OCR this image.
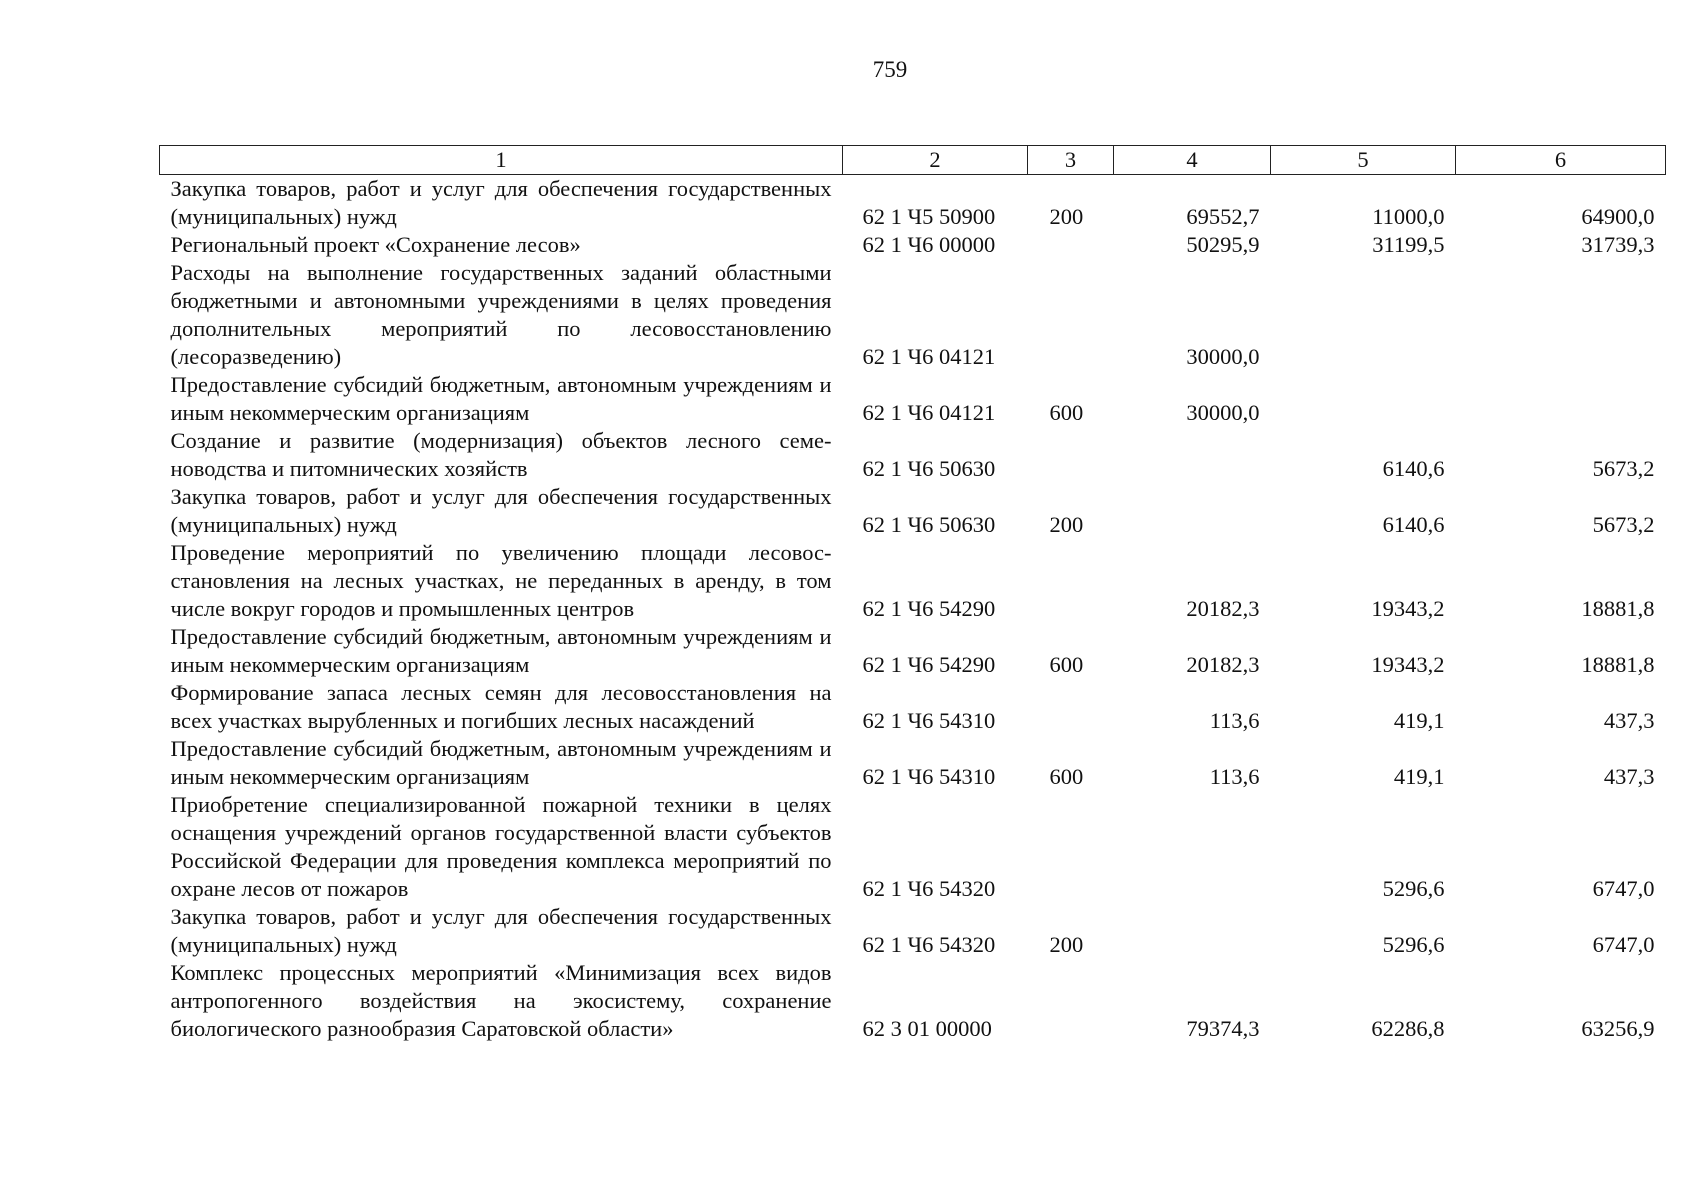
759
1	2	3	4	5	6
Закупка товаров, работ и услуг для обеспечения государственных (муниципальных) нужд	62 1 Ч5 50900	200	69552,7	11000,0	64900,0
Региональный проект «Сохранение лесов»	62 1 Ч6 00000		50295,9	31199,5	31739,3
Расходы на выполнение государственных заданий областными бюджетными и автономными учреждениями в целях проведения дополнительных мероприятий по лесовосстановлению (лесоразведению)	62 1 Ч6 04121		30000,0		
Предоставление субсидий бюджетным, автономным учреждениям и иным некоммерческим организациям	62 1 Ч6 04121	600	30000,0		
Создание и развитие (модернизация) объектов лесного семеноводства и питомнических хозяйств	62 1 Ч6 50630			6140,6	5673,2
Закупка товаров, работ и услуг для обеспечения государственных (муниципальных) нужд	62 1 Ч6 50630	200		6140,6	5673,2
Проведение мероприятий по увеличению площади лесовосстановления на лесных участках, не переданных в аренду, в том числе вокруг городов и промышленных центров	62 1 Ч6 54290		20182,3	19343,2	18881,8
Предоставление субсидий бюджетным, автономным учреждениям и иным некоммерческим организациям	62 1 Ч6 54290	600	20182,3	19343,2	18881,8
Формирование запаса лесных семян для лесовосстановления на всех участках вырубленных и погибших лесных насаждений	62 1 Ч6 54310		113,6	419,1	437,3
Предоставление субсидий бюджетным, автономным учреждениям и иным некоммерческим организациям	62 1 Ч6 54310	600	113,6	419,1	437,3
Приобретение специализированной пожарной техники в целях оснащения учреждений органов государственной власти субъектов Российской Федерации для проведения комплекса мероприятий по охране лесов от пожаров	62 1 Ч6 54320			5296,6	6747,0
Закупка товаров, работ и услуг для обеспечения государственных (муниципальных) нужд	62 1 Ч6 54320	200		5296,6	6747,0
Комплекс процессных мероприятий «Минимизация всех видов антропогенного воздействия на экосистему, сохранение биологического разнообразия Саратовской области»	62 3 01 00000		79374,3	62286,8	63256,9
